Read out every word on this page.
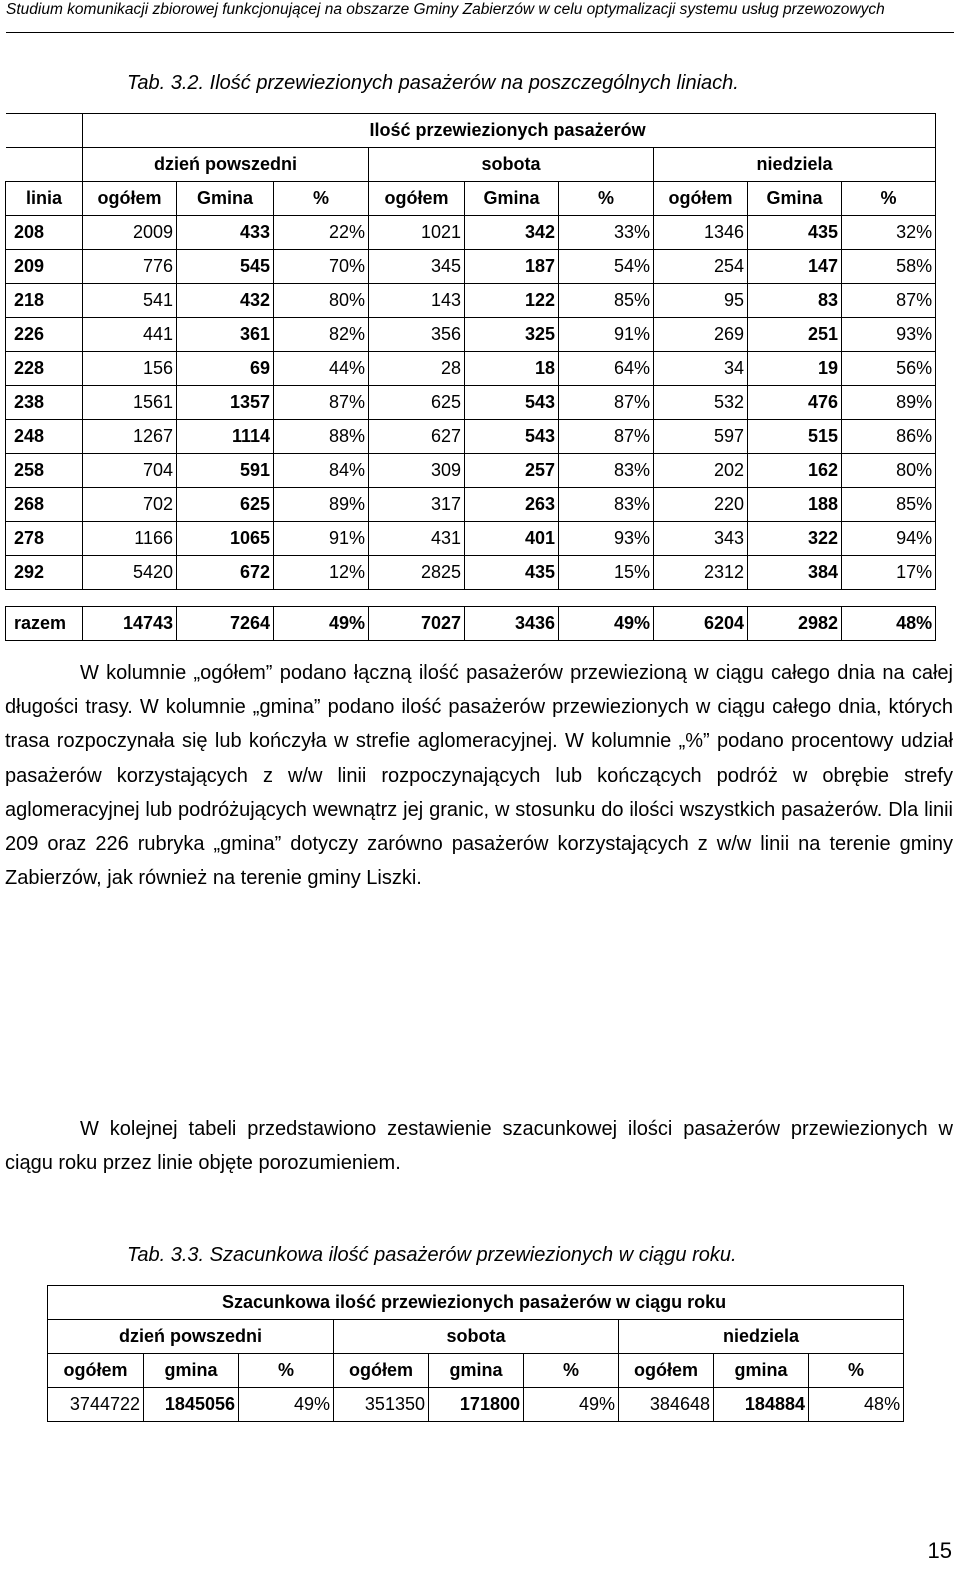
Studium komunikacji zbiorowej funkcjonującej na obszarze Gminy Zabierzów w celu optymalizacji systemu usług przewozowych
Tab. 3.2. Ilość przewiezionych pasażerów na poszczególnych liniach.
	Ilość przewiezionych pasażerów								
	dzień powszedni			sobota			niedziela		
linia	ogółem	Gmina	%	ogółem	Gmina	%	ogółem	Gmina	%
208	2009	433	22%	1021	342	33%	1346	435	32%
209	776	545	70%	345	187	54%	254	147	58%
218	541	432	80%	143	122	85%	95	83	87%
226	441	361	82%	356	325	91%	269	251	93%
228	156	69	44%	28	18	64%	34	19	56%
238	1561	1357	87%	625	543	87%	532	476	89%
248	1267	1114	88%	627	543	87%	597	515	86%
258	704	591	84%	309	257	83%	202	162	80%
268	702	625	89%	317	263	83%	220	188	85%
278	1166	1065	91%	431	401	93%	343	322	94%
292	5420	672	12%	2825	435	15%	2312	384	17%

razem	14743	7264	49%	7027	3436	49%	6204	2982	48%

W kolumnie „ogółem” podano łączną ilość pasażerów przewiezioną w ciągu całego dnia na całej długości trasy. W kolumnie „gmina” podano ilość pasażerów przewiezionych w ciągu całego dnia, których trasa rozpoczynała się lub kończyła w strefie aglomeracyjnej. W kolumnie „%” podano procentowy udział pasażerów korzystających z w/w linii rozpoczynających lub kończących podróż w obrębie strefy aglomeracyjnej lub podróżujących wewnątrz jej granic, w stosunku do ilości wszystkich pasażerów. Dla linii 209 oraz 226 rubryka „gmina” dotyczy zarówno pasażerów korzystających z w/w linii na terenie gminy Zabierzów, jak również na terenie gminy Liszki.

W kolejnej tabeli przedstawiono zestawienie szacunkowej ilości pasażerów przewiezionych w ciągu roku przez linie objęte porozumieniem.

Tab. 3.3. Szacunkowa ilość pasażerów przewiezionych w ciągu roku.
Szacunkowa ilość przewiezionych pasażerów w ciągu roku								
dzień powszedni			sobota			niedziela		
ogółem	gmina	%	ogółem	gmina	%	ogółem	gmina	%
3744722	1845056	49%	351350	171800	49%	384648	184884	48%
15
